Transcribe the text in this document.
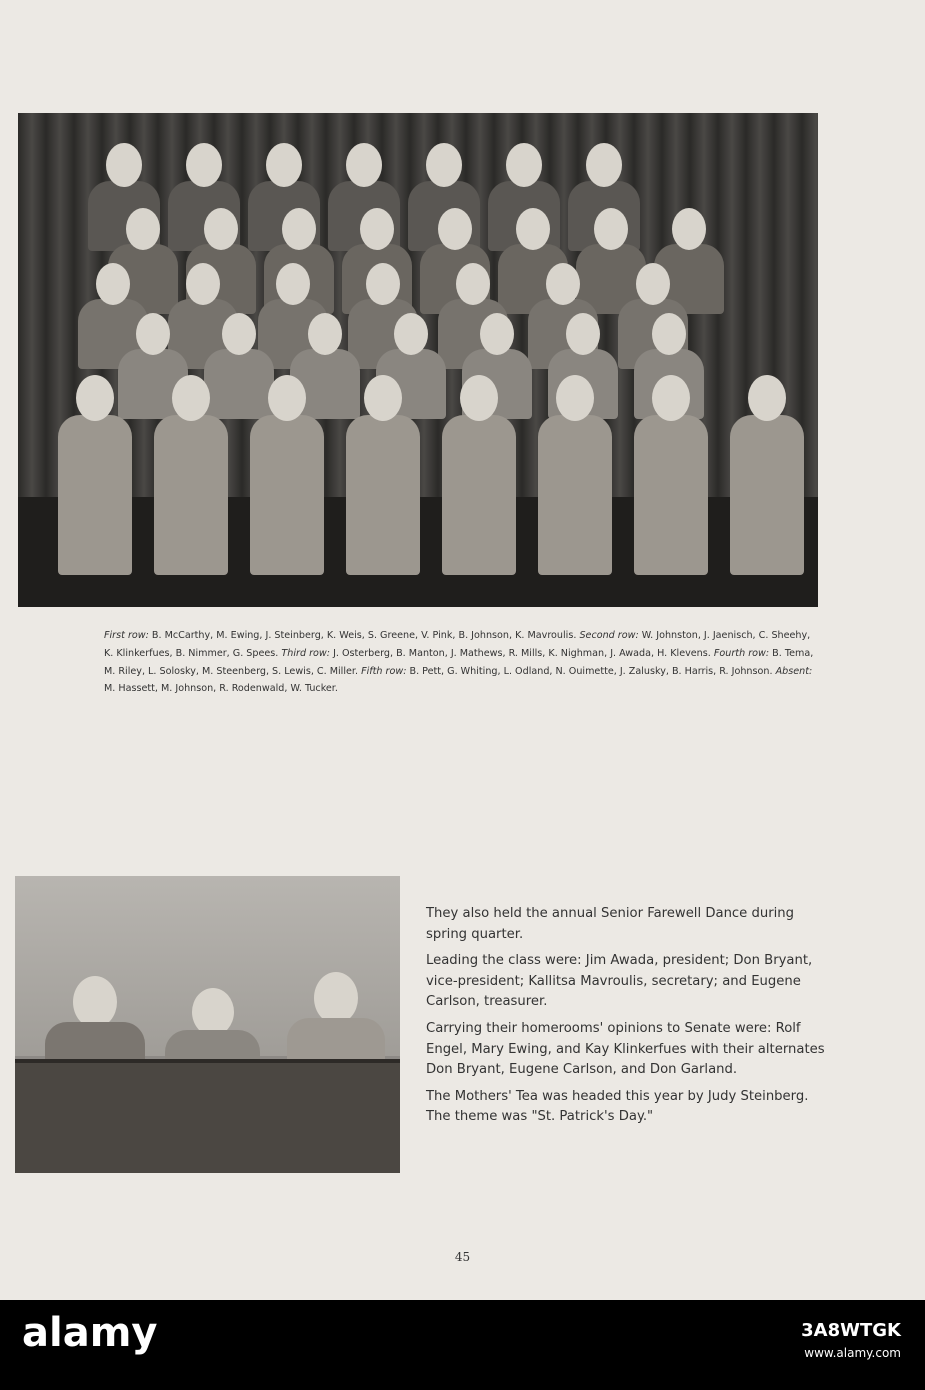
First row: B. McCarthy, M. Ewing, J. Steinberg, K. Weis, S. Greene, V. Pink, B. Johnson, K. Mavroulis. Second row: W. Johnston, J. Jaenisch, C. Sheehy, K. Klinkerfues, B. Nimmer, G. Spees. Third row: J. Osterberg, B. Manton, J. Mathews, R. Mills, K. Nighman, J. Awada, H. Klevens. Fourth row: B. Tema, M. Riley, L. Solosky, M. Steenberg, S. Lewis, C. Miller. Fifth row: B. Pett, G. Whiting, L. Odland, N. Ouimette, J. Zalusky, B. Harris, R. Johnson. Absent: M. Hassett, M. Johnson, R. Rodenwald, W. Tucker.

They also held the annual Senior Farewell Dance during spring quarter.

Leading the class were: Jim Awada, president; Don Bryant, vice-president; Kallitsa Mavroulis, secretary; and Eugene Carlson, treasurer.

Carrying their homerooms' opinions to Senate were: Rolf Engel, Mary Ewing, and Kay Klinkerfues with their alternates Don Bryant, Eugene Carlson, and Don Garland.

The Mothers' Tea was headed this year by Judy Steinberg. The theme was "St. Patrick's Day."

45
alamy	3A8WTGK
www.alamy.com
